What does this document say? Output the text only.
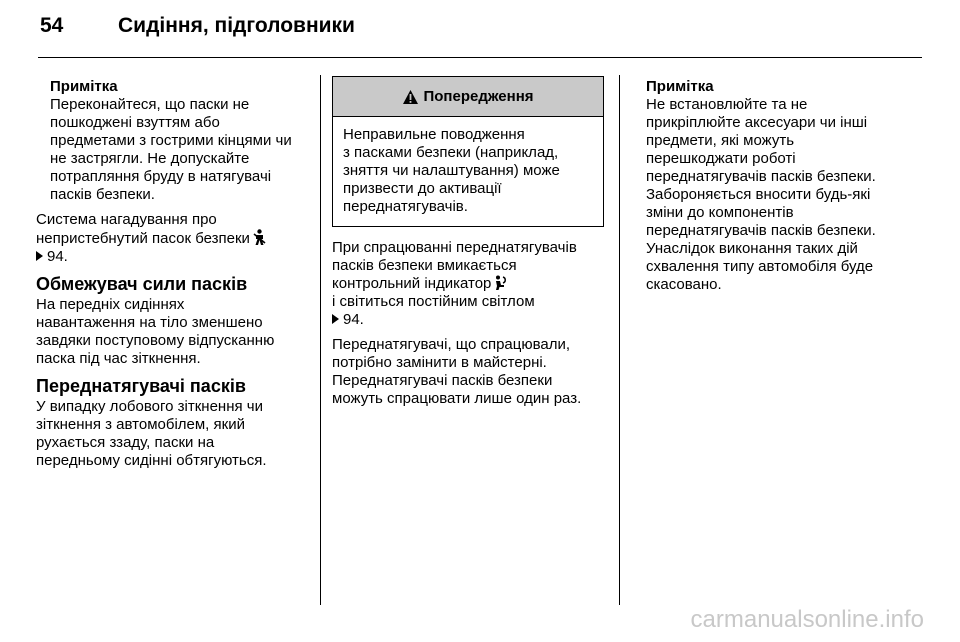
54	Сидіння, підголовники
Примітка
Переконайтеся, що паски не
пошкоджені взуттям або
предметами з гострими кінцями чи
не застрягли. Не допускайте
потрапляння бруду в натягувачі
пасків безпеки.
Система нагадування про
непристебнутий пасок безпеки
94.
Обмежувач сили пасків
На передніх сидіннях
навантаження на тіло зменшено
завдяки поступовому відпусканню
паска під час зіткнення.
Переднатягувачі пасків
У випадку лобового зіткнення чи
зіткнення з автомобілем, який
рухається ззаду, паски на
передньому сидінні обтягуються.
Попередження
Неправильне поводження
з пасками безпеки (наприклад,
зняття чи налаштування) може
призвести до активації
переднатягувачів.
При спрацюванні переднатягувачів
пасків безпеки вмикається
контрольний індикатор
і світиться постійним світлом
94.
Переднатягувачі, що спрацювали,
потрібно замінити в майстерні.
Переднатягувачі пасків безпеки
можуть спрацювати лише один раз.
Примітка
Не встановлюйте та не
прикріплюйте аксесуари чи інші
предмети, які можуть
перешкоджати роботі
переднатягувачів пасків безпеки.
Забороняється вносити будь-які
зміни до компонентів
переднатягувачів пасків безпеки.
Унаслідок виконання таких дій
схвалення типу автомобіля буде
скасовано.
carmanualsonline.info
